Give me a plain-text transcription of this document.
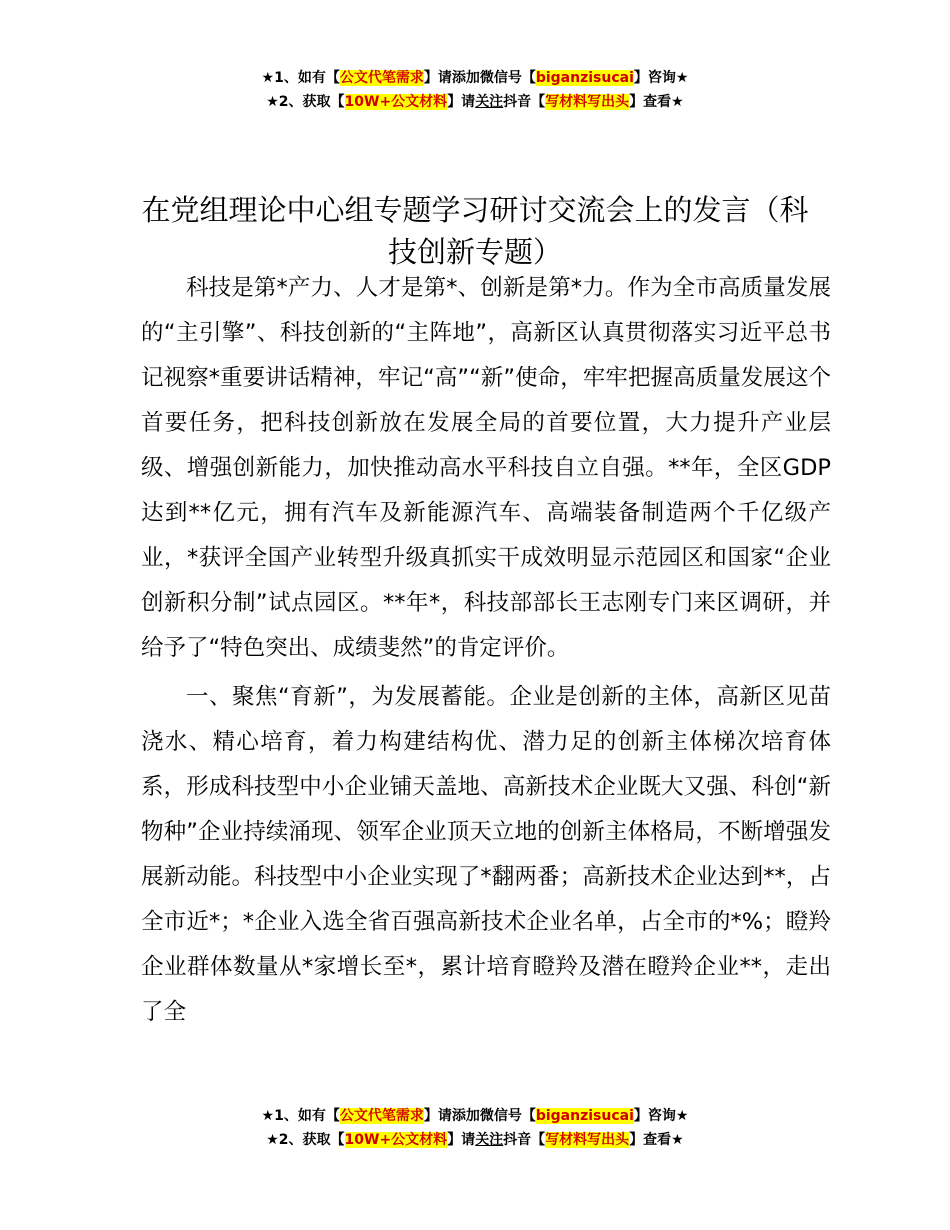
★1、如有【公文代笔需求】请添加微信号【biganzisucai】咨询★
★2、获取【10W+公文材料】请关注抖音【写材料写出头】查看★
在党组理论中心组专题学习研讨交流会上的发言（科技创新专题）

科技是第*产力、人才是第*、创新是第*力。作为全市高质量发展的“主引擎”、科技创新的“主阵地”，高新区认真贯彻落实习近平总书记视察*重要讲话精神，牢记“高”“新”使命，牢牢把握高质量发展这个首要任务，把科技创新放在发展全局的首要位置，大力提升产业层级、增强创新能力，加快推动高水平科技自立自强。**年，全区GDP达到**亿元，拥有汽车及新能源汽车、高端装备制造两个千亿级产业，*获评全国产业转型升级真抓实干成效明显示范园区和国家“企业创新积分制”试点园区。**年*，科技部部长王志刚专门来区调研，并给予了“特色突出、成绩斐然”的肯定评价。

一、聚焦“育新”，为发展蓄能。企业是创新的主体，高新区见苗浇水、精心培育，着力构建结构优、潜力足的创新主体梯次培育体系，形成科技型中小企业铺天盖地、高新技术企业既大又强、科创“新物种”企业持续涌现、领军企业顶天立地的创新主体格局，不断增强发展新动能。科技型中小企业实现了*翻两番；高新技术企业达到**，占全市近*；*企业入选全省百强高新技术企业名单，占全市的*%；瞪羚企业群体数量从*家增长至*，累计培育瞪羚及潜在瞪羚企业**，走出了全

★1、如有【公文代笔需求】请添加微信号【biganzisucai】咨询★
★2、获取【10W+公文材料】请关注抖音【写材料写出头】查看★
